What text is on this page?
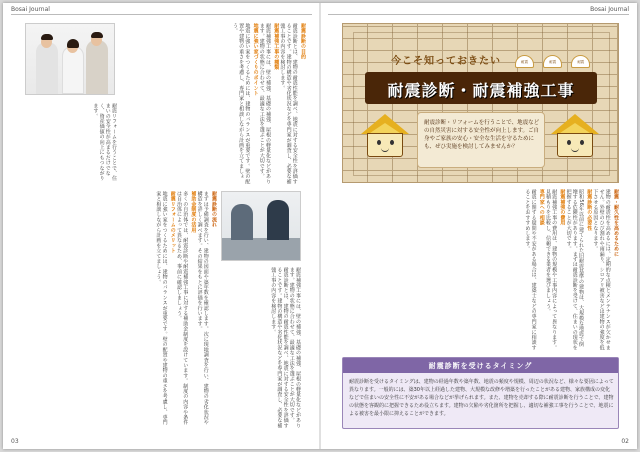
Bosai Journal
耐震診断の目的
耐震診断とは、建物の耐震性能を調べ、地震に対する安全性を評価することです。建物の構造や劣化状況などを専門家が調査し、必要な補強工事の内容を検討します。
耐震補強工事の種類
耐震補強工事には、壁の補強、基礎の補強、屋根の軽量化などがあります。建物の状態に合わせて、最適な工法を選ぶことが大切です。
地震に強い家づくりのポイント
地震に強い家をつくるためには、建物のバランスが重要です。壁の配置や建物の重さを考慮し、専門家と相談しながら計画を立てましょう。
耐震リフォームを行うことで、住まいの安全性が高まるだけでなく、資産価値の向上にもつながります。
耐震診断の流れ
まずは予備調査を行い、建物の図面や築年数を確認します。次に現地調査を行い、建物の劣化状況や構造を詳しく調べます。その結果をもとに評価を行います。
補助金制度の活用
多くの自治体では、耐震診断や耐震補強工事に対する補助金制度を設けています。制度の内容や条件は自治体によって異なるため、事前に確認しましょう。
耐震リフォームのメリット
地震に強い家をつくるためには、建物のバランスが重要です。壁の配置や建物の重さを考慮し、専門家と相談しながら計画を立てましょう。
耐震補強工事には、壁の補強、基礎の補強、屋根の軽量化などがあります。建物の状態に合わせて、最適な工法を選ぶことが大切です。 耐震診断とは、建物の耐震性能を調べ、地震に対する安全性を評価することです。建物の構造や劣化状況などを専門家が調査し、必要な補強工事の内容を検討します。
03
Bosai Journal
今こそ知っておきたい	耐震	耐震	耐震
耐震診断・耐震補強工事
耐震診断・リフォームを行うことで、地震などの自然災害に対する安全性が向上します。ご自身やご家族の安心・安全な生活を守るためにも、ぜひ実施を検討してみませんか？
耐震・耐久性を高めるために
建物の耐震性を高めるには、定期的な点検とメンテナンスが欠かせません。外壁のひび割れや雨漏り、シロアリ被害などは建物の強度を低下させる原因となります。
耐震診断の必要性
昭和56年以前に建てられた旧耐震基準の建物は、大規模な地震で倒壊する危険性があります。まずは耐震診断を受けて、住まいの現状を把握することが大切です。
耐震補強の費用
耐震補強工事の費用は、建物の規模や工事内容によって異なります。見積もりを比較し、信頼できる業者を選びましょう。
専門家への相談
耐震に関する疑問や不安がある場合は、建築士などの専門家に相談することをおすすめします。
耐震診断を受けるタイミング
耐震診断を受けるタイミングは、建物の経過年数や築年数、地震の頻度や規模、周辺の状況など、様々な要因によって異なります。一般的には、築30年以上経過した建物、大規模な改修や増築を行ったことがある建物、家族構成の変化などで住まいの安全性に不安がある場合などが挙げられます。また、建物を売却する際に耐震診断を行うことで、建物の状態を客観的に把握できるため役立ちます。建物の欠陥や劣化箇所を把握し、適切な補強工事を行うことで、地震による被害を最小限に抑えることができます。
02
